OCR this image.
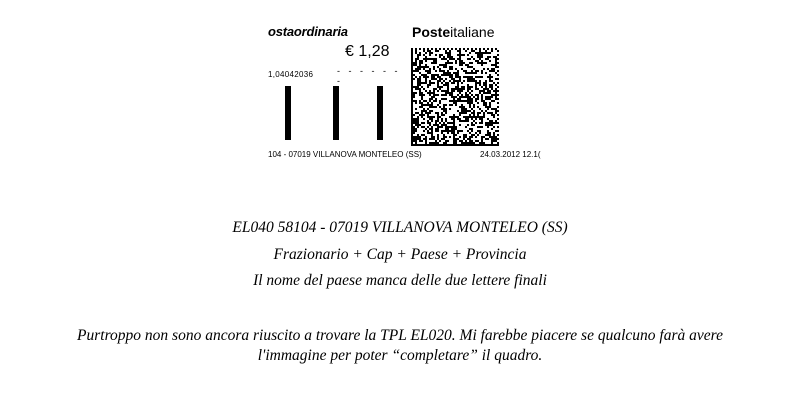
ostaordinaria

€ 1,28
1,04042036	- - - - - - -
Posteitaliane
104 - 07019 VILLANOVA MONTELEO (SS)	24.03.2012 12.1(

EL040 58104 - 07019 VILLANOVA MONTELEO (SS)

Frazionario + Cap + Paese + Provincia

Il nome del paese manca delle due lettere finali

Purtroppo non sono ancora riuscito a trovare la TPL EL020. Mi farebbe piacere se qualcuno farà avere l'immagine per poter “completare” il quadro.
